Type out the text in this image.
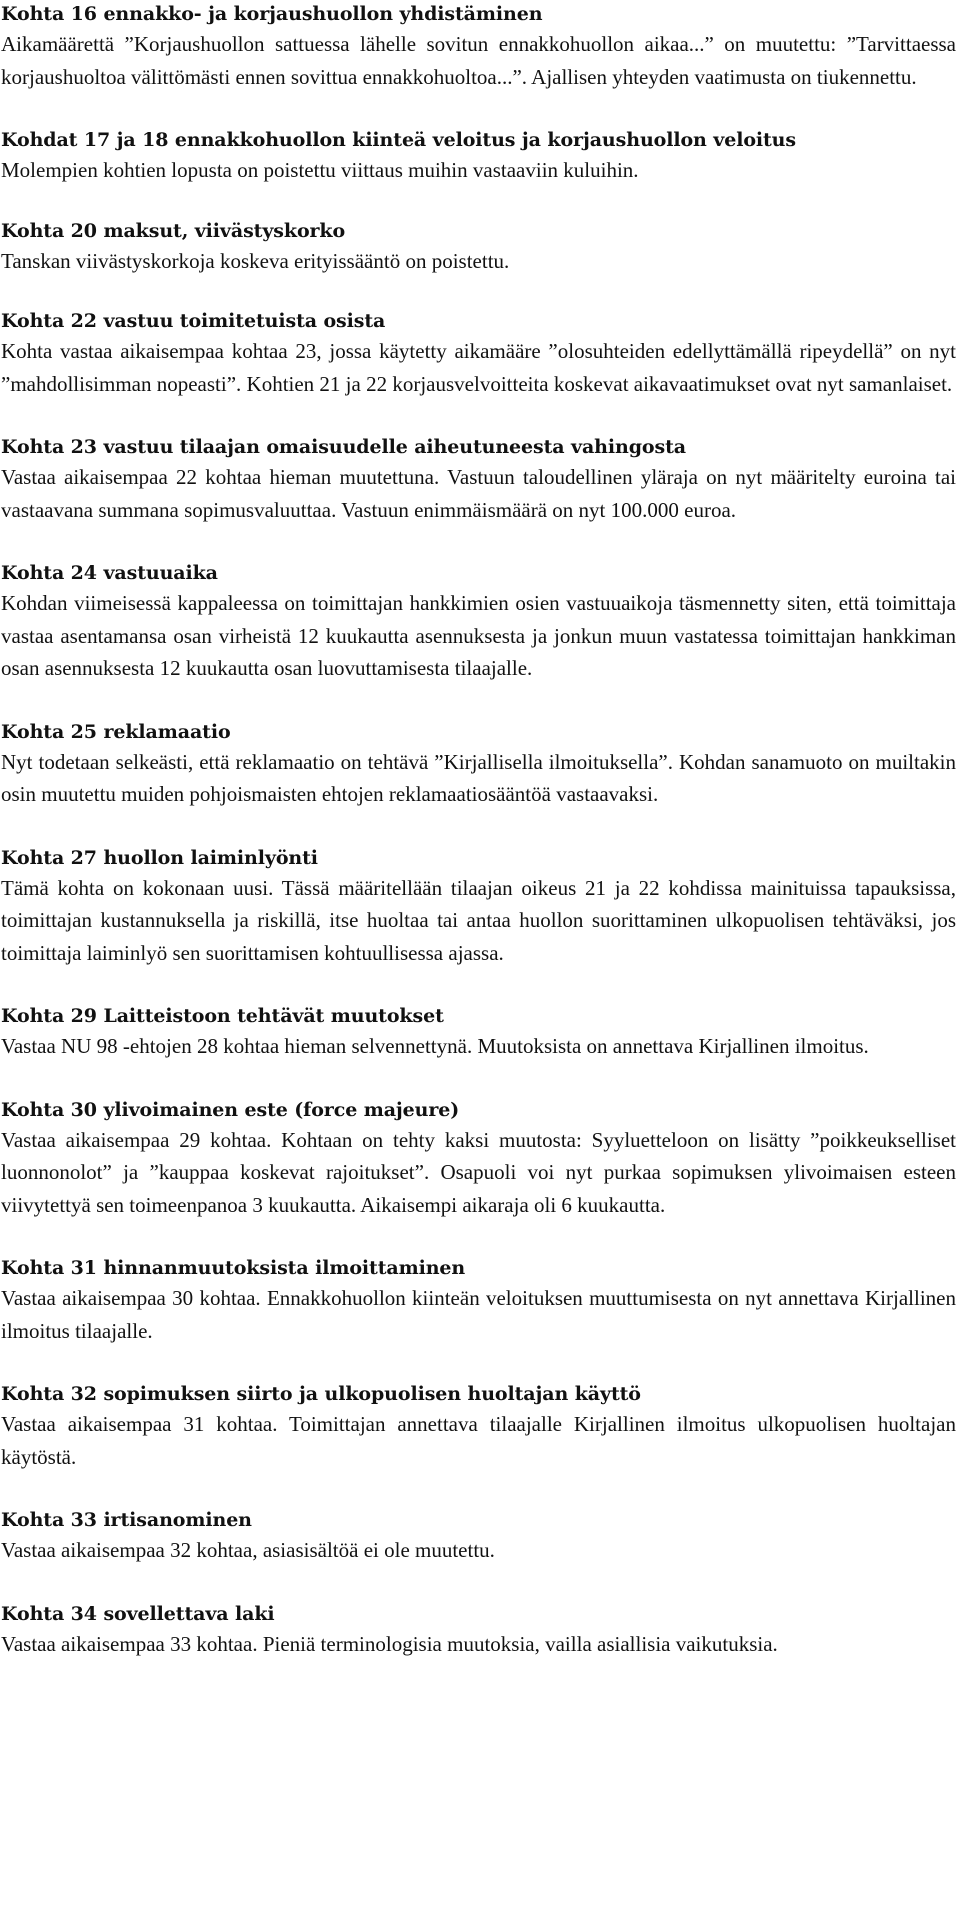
Kohta 16 ennakko- ja korjaushuollon yhdistäminen

Aikamäärettä ”Korjaushuollon sattuessa lähelle sovitun ennakkohuollon aikaa...” on muutettu: ”Tarvittaessa korjaushuoltoa välittömästi ennen sovittua ennakkohuoltoa...”. Ajallisen yhteyden vaatimusta on tiukennettu.

Kohdat 17 ja 18 ennakkohuollon kiinteä veloitus ja korjaushuollon veloitus

Molempien kohtien lopusta on poistettu viittaus muihin vastaaviin kuluihin.

Kohta 20 maksut, viivästyskorko

Tanskan viivästyskorkoja koskeva erityissääntö on poistettu.

Kohta 22 vastuu toimitetuista osista

Kohta vastaa aikaisempaa kohtaa 23, jossa käytetty aikamääre ”olosuhteiden edellyttämällä ripeydellä” on nyt ”mahdollisimman nopeasti”. Kohtien 21 ja 22 korjausvelvoitteita koskevat aikavaatimukset ovat nyt samanlaiset.

Kohta 23 vastuu tilaajan omaisuudelle aiheutuneesta vahingosta

Vastaa aikaisempaa 22 kohtaa hieman muutettuna. Vastuun taloudellinen yläraja on nyt määritelty euroina tai vastaavana summana sopimusvaluuttaa. Vastuun enimmäismäärä on nyt 100.000 euroa.

Kohta 24 vastuuaika

Kohdan viimeisessä kappaleessa on toimittajan hankkimien osien vastuuaikoja täsmennetty siten, että toimittaja vastaa asentamansa osan virheistä 12 kuukautta asennuksesta ja jonkun muun vastatessa toimittajan hankkiman osan asennuksesta 12 kuukautta osan luovuttamisesta tilaajalle.

Kohta 25 reklamaatio

Nyt todetaan selkeästi, että reklamaatio on tehtävä ”Kirjallisella ilmoituksella”. Kohdan sanamuoto on muiltakin osin muutettu muiden pohjoismaisten ehtojen reklamaatiosääntöä vastaavaksi.

Kohta 27 huollon laiminlyönti

Tämä kohta on kokonaan uusi. Tässä määritellään tilaajan oikeus 21 ja 22 kohdissa mainituissa tapauksissa, toimittajan kustannuksella ja riskillä, itse huoltaa tai antaa huollon suorittaminen ulkopuolisen tehtäväksi, jos toimittaja laiminlyö sen suorittamisen kohtuullisessa ajassa.

Kohta 29 Laitteistoon tehtävät muutokset

Vastaa NU 98 -ehtojen 28 kohtaa hieman selvennettynä. Muutoksista on annettava Kirjallinen ilmoitus.

Kohta 30 ylivoimainen este (force majeure)

Vastaa aikaisempaa 29 kohtaa. Kohtaan on tehty kaksi muutosta: Syyluetteloon on lisätty ”poikkeukselliset luonnonolot” ja ”kauppaa koskevat rajoitukset”. Osapuoli voi nyt purkaa sopimuksen ylivoimaisen esteen viivytettyä sen toimeenpanoa 3 kuukautta. Aikaisempi aikaraja oli 6 kuukautta.

Kohta 31 hinnanmuutoksista ilmoittaminen

Vastaa aikaisempaa 30 kohtaa. Ennakkohuollon kiinteän veloituksen muuttumisesta on nyt annettava Kirjallinen ilmoitus tilaajalle.

Kohta 32 sopimuksen siirto ja ulkopuolisen huoltajan käyttö

Vastaa aikaisempaa 31 kohtaa. Toimittajan annettava tilaajalle Kirjallinen ilmoitus ulkopuolisen huoltajan käytöstä.

Kohta 33 irtisanominen

Vastaa aikaisempaa 32 kohtaa, asiasisältöä ei ole muutettu.

Kohta 34 sovellettava laki

Vastaa aikaisempaa 33 kohtaa. Pieniä terminologisia muutoksia, vailla asiallisia vaikutuksia.
